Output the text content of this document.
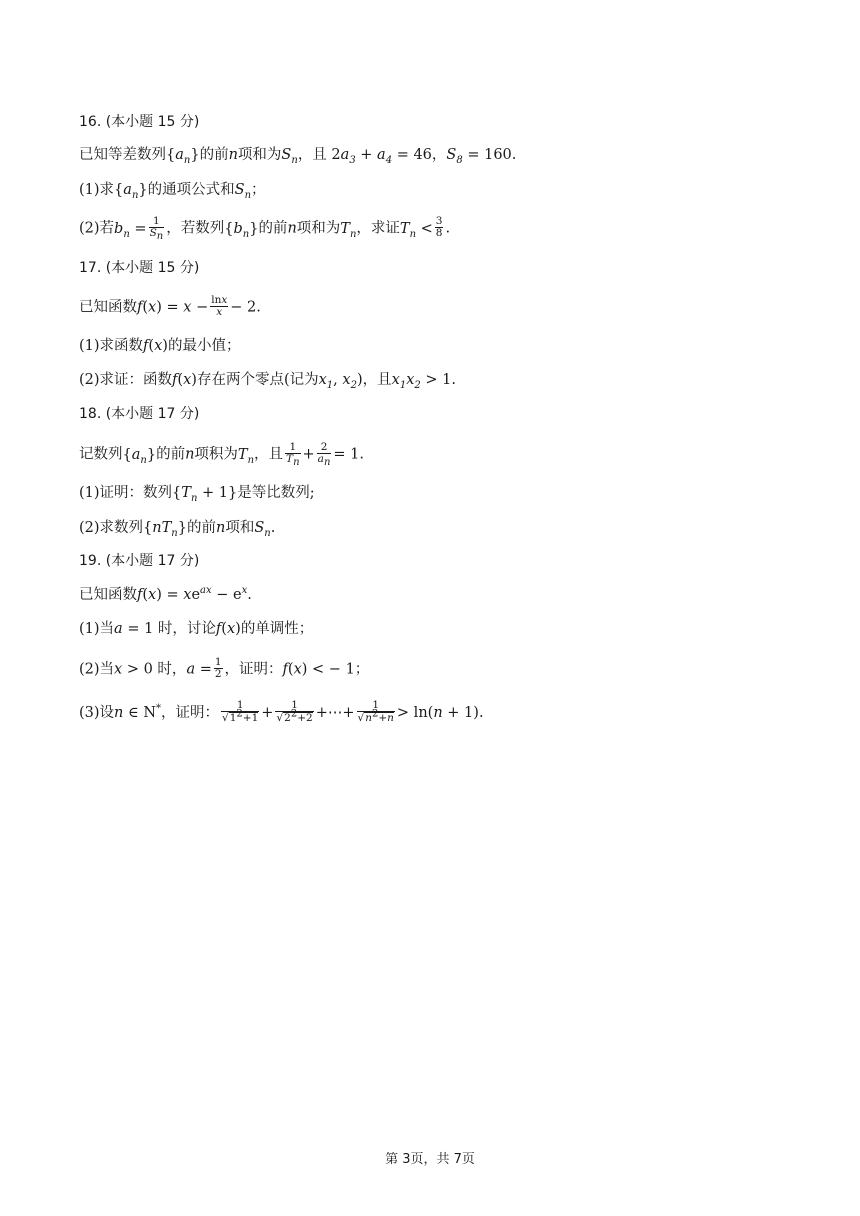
16. (本小题 15 分)
已知等差数列$\{a_n\}$的前n项和为$S_n$，且 $2a_3 + a_4 = 46$，$S_8 = 160$.
(1)求$\{a_n\}$的通项公式和$S_n$；
(2)若$b_n = \frac{1}{S_n}$ ，若数列$\{b_n\}$的前n项和为$T_n$，求证$T_n < \frac{3}{8}$ .
17. (本小题 15 分)
已知函数$f(x) = x - \frac{\ln x}{x} - 2$.
(1)求函数f(x)的最小值；
(2)求证：函数f(x)存在两个零点(记为$x_1$, $x_2$)，且$x_1x_2 > 1$.
18. (本小题 17 分)
记数列$\{a_n\}$的前n项积为$T_n$，且 $\frac{1}{T_n} + \frac{2}{a_n} = 1$.
(1)证明：数列$\{T_n + 1\}$是等比数列;
(2)求数列$\{nT_n\}$的前n项和$S_n$.
19. (本小题 17 分)
已知函数$f(x) = xe^{ax} - e^x$.
(1)当a = 1 时，讨论f(x)的单调性；
(2)当x > 0 时，$a = \frac{1}{2}$ ，证明：f(x) < − 1；
(3)设n ∈ N*，证明： $\frac{1}{√1^2+1} + \frac{1}{√2^2+2}$ +⋯+ $\frac{1}{√n^2+n} > \ln(n + 1)$.
第 3页，共 7页
